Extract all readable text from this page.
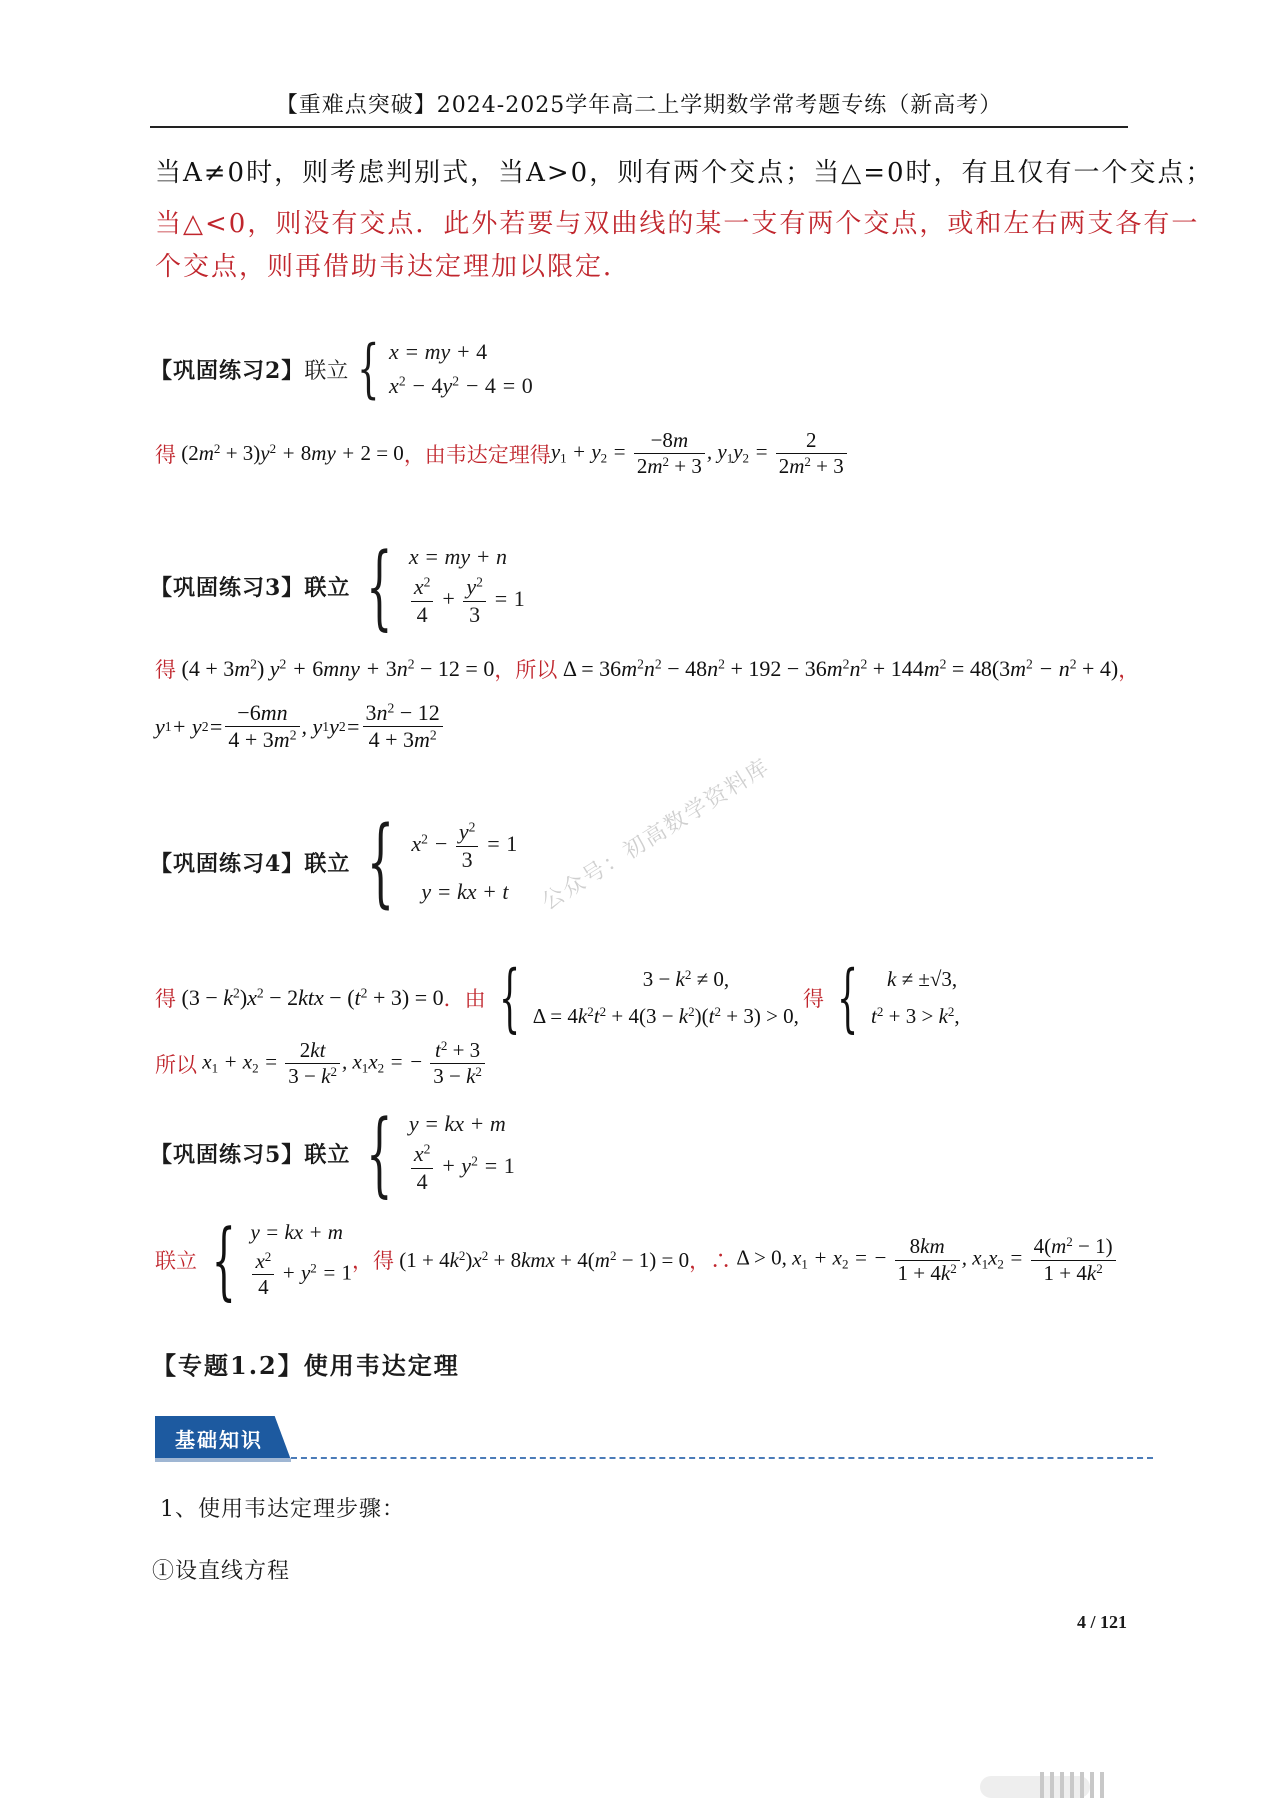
【重难点突破】2024-2025学年高二上学期数学常考题专练（新高考）
当A≠0时，则考虑判别式，当A>0，则有两个交点；当△=0时，有且仅有一个交点；
当△<0，则没有交点．此外若要与双曲线的某一支有两个交点，或和左右两支各有一
个交点，则再借助韦达定理加以限定．
【巩固练习2】 联立 { x = my + 4
$x^2 - 4y^2 - 4 = 0$
得 $(2m^2 + 3)y^2 + 8my + 2 = 0$ ，由韦达定理得 $y_1 + y_2 = \frac{-8m}{2m^2 + 3}$ , $y_1y_2 = \frac{2}{2m^2 + 3}$
【巩固练习3】 联立 { x = my + n
$\frac{x^2}{4} + \frac{y^2}{3} = 1$
得 $(4 + 3m^2)$ $y^2 + 6mny + 3n^2 - 12 = 0$ ，所以 $\Delta = 36m^2n^2 - 48n^2 + 192 - 36m^2n^2 + 144m^2 = 48(3m^2 - n^2 + 4)$ ，
y 1 + y $2 = \frac{-6mn}{4 + 3m^2}$ , y 1 y $2 = \frac{3n^2 - 12}{4 + 3m^2}$
【巩固练习4】 联立 { $x^2 - \frac{y^2}{3} = 1$
y = kx + t
得 $(3 - k^2)x^2 - 2ktx - (t^2 + 3) = 0$ ． 由 {	$3 - k^2 \ne 0$,
$\Delta = 4k^2t^2 + 4(3 - k^2)(t^2 + 3) > 0$,
得 {	k ≠ ±√3,
$t^2 + 3 > k^2$,
所以 $x_1 + x_2 = \frac{2kt}{3 - k^2}$ , $x_1x_2$ = − $\frac{t^2 + 3}{3 - k^2}$
【巩固练习5】 联立 { y = kx + m
$\frac{x^2}{4} + y^2 = 1$
联立 { y = kx + m
$\frac{x^2}{4} + y^2 = 1$ ，得 $(1 + 4k^2)x^2 + 8kmx + 4(m^2 - 1) = 0$ ，∴ Δ > 0, $x_1 + x_2$ = − $\frac{8km}{1 + 4k^2}$ , $x_1x_2 = \frac{4(m^2 - 1)}{1 + 4k^2}$
【专题1.2】使用韦达定理
基础知识
1、使用韦达定理步骤：
①设直线方程
4 / 121
公众号：初高数学资料库
